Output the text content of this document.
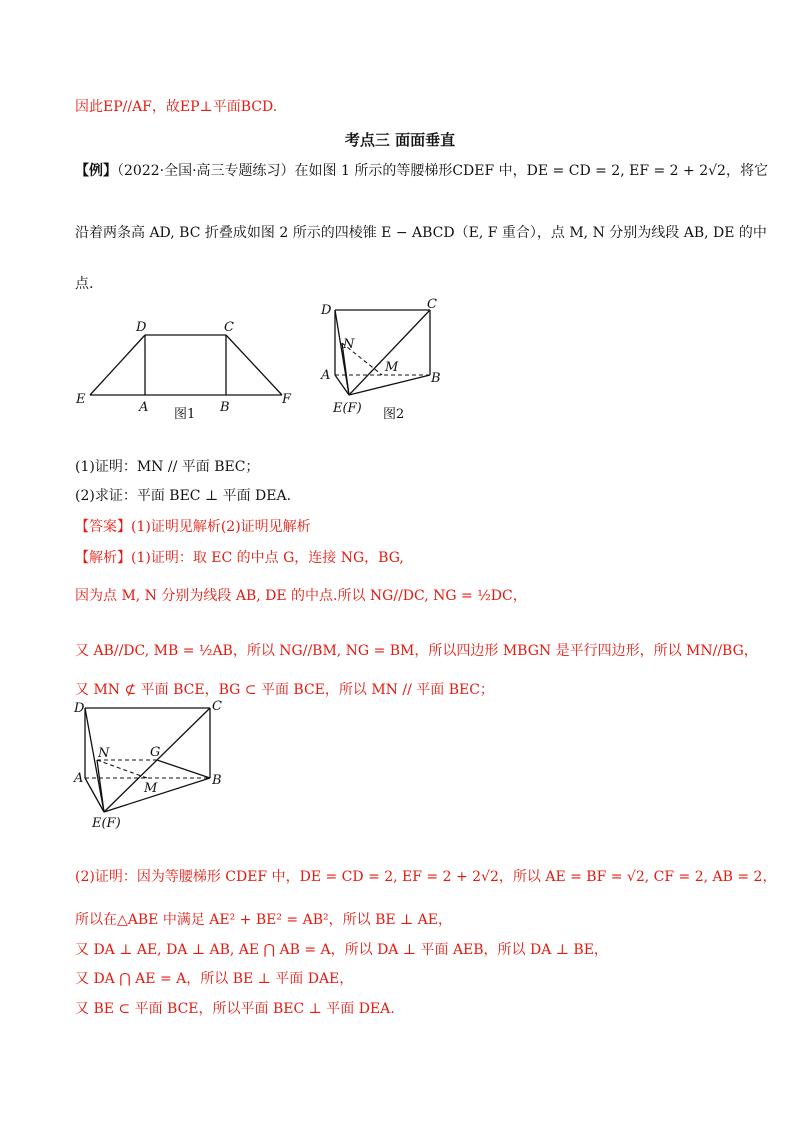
因此EP//AF，故EP⊥平面BCD.
考点三 面面垂直
【例】（2022·全国·高三专题练习）在如图 1 所示的等腰梯形CDEF 中，DE = CD = 2, EF = 2 + 2√2，将它
沿着两条高 AD, BC 折叠成如图 2 所示的四棱锥 E − ABCD（E, F 重合），点 M, N 分别为线段 AB, DE 的中
点.
D	C
E
A	B
F
图1
D	C
N
M
A	B
E(F) 图2
(1)证明：MN // 平面 BEC；
(2)求证：平面 BEC ⊥ 平面 DEA.
【答案】(1)证明见解析(2)证明见解析
【解析】(1)证明：取 EC 的中点 G，连接 NG，BG,
因为点 M, N 分别为线段 AB, DE 的中点.所以 NG//DC, NG = ½DC，
又 AB//DC, MB = ½AB，所以 NG//BM, NG = BM，所以四边形 MBGN 是平行四边形，所以 MN//BG，
又 MN ⊄ 平面 BCE，BG ⊂ 平面 BCE，所以 MN // 平面 BEC；
D	C
N	G
A
M
B
E(F)
(2)证明：因为等腰梯形 CDEF 中，DE = CD = 2, EF = 2 + 2√2，所以 AE = BF = √2, CF = 2, AB = 2，
所以在△ABE 中满足 AE² + BE² = AB²，所以 BE ⊥ AE，
又 DA ⊥ AE, DA ⊥ AB, AE ⋂ AB = A，所以 DA ⊥ 平面 AEB，所以 DA ⊥ BE，
又 DA ⋂ AE = A，所以 BE ⊥ 平面 DAE，
又 BE ⊂ 平面 BCE，所以平面 BEC ⊥ 平面 DEA.
